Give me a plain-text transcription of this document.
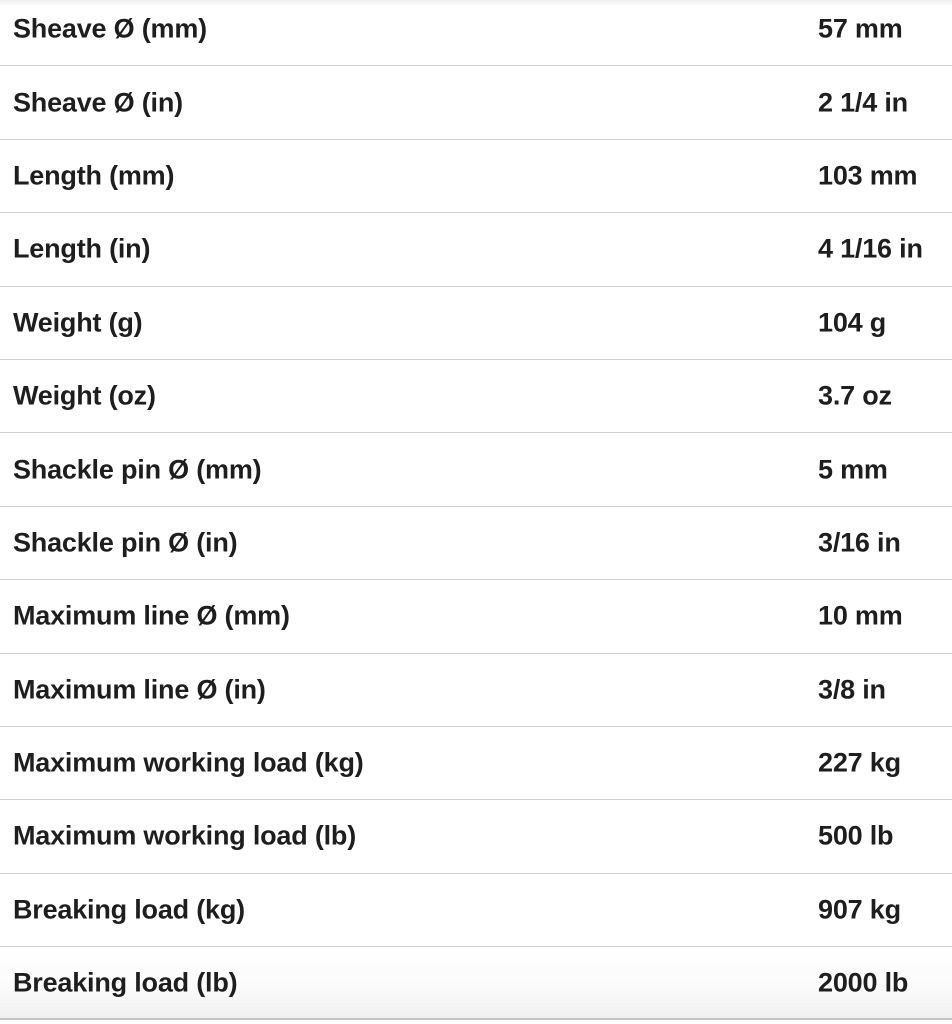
Sheave Ø (mm)	57 mm
Sheave Ø (in)	2 1/4 in
Length (mm)	103 mm
Length (in)	4 1/16 in
Weight (g)	104 g
Weight (oz)	3.7 oz
Shackle pin Ø (mm)	5 mm
Shackle pin Ø (in)	3/16 in
Maximum line Ø (mm)	10 mm
Maximum line Ø (in)	3/8 in
Maximum working load (kg)	227 kg
Maximum working load (lb)	500 lb
Breaking load (kg)	907 kg
Breaking load (lb)	2000 lb
